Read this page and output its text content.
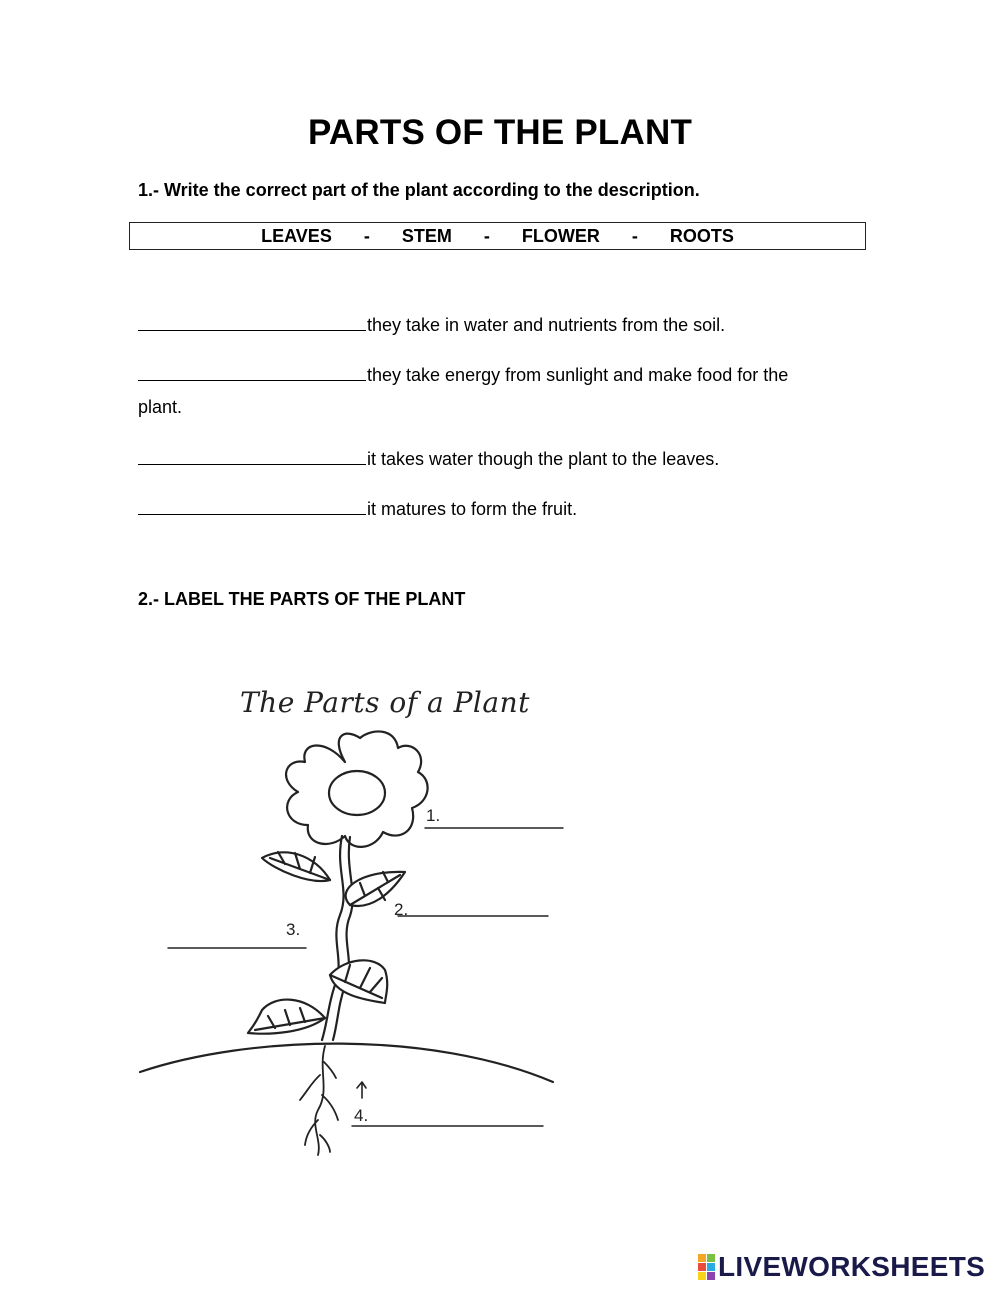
PARTS OF THE PLANT
1.- Write the correct part of the plant according to the description.
LEAVES - STEM - FLOWER - ROOTS
they take in water and nutrients from the soil.
they take energy from sunlight and make food for the
plant.
it takes water though the plant to the leaves.
it matures to form the fruit.
2.- LABEL THE PARTS OF THE PLANT
The Parts of a Plant
1.
2.
3.
4.
LIVEWORKSHEETS
